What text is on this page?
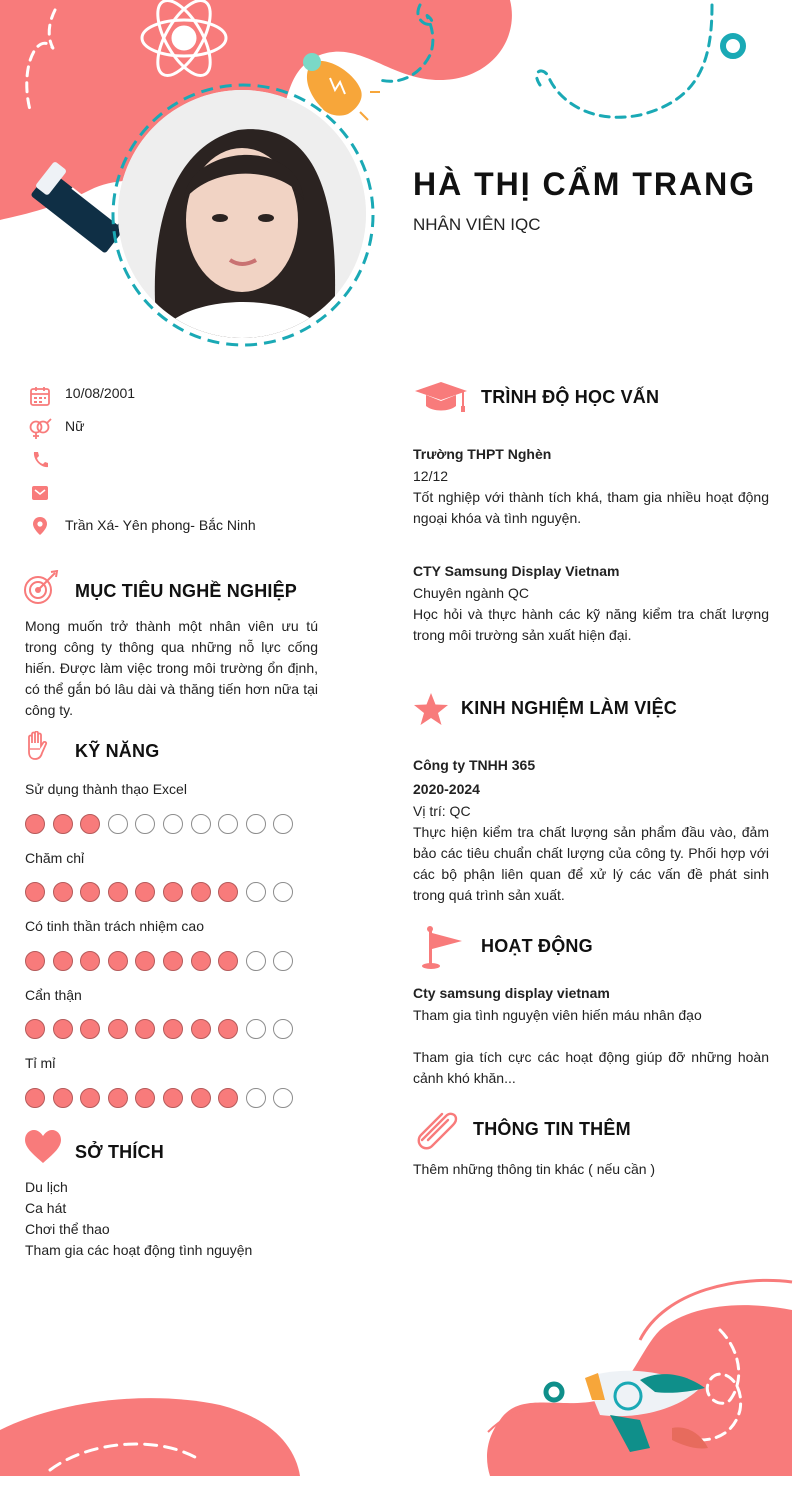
HÀ THỊ CẨM TRANG
NHÂN VIÊN IQC
10/08/2001
Nữ
Trần Xá- Yên phong- Bắc Ninh
MỤC TIÊU NGHỀ NGHIỆP
Mong muốn trở thành một nhân viên ưu tú trong công ty thông qua những nỗ lực cống hiến. Được làm việc trong môi trường ổn định, có thể gắn bó lâu dài và thăng tiến hơn nữa tại công ty.
KỸ NĂNG
Sử dụng thành thạo Excel
Chăm chỉ
Có tinh thần trách nhiệm cao
Cẩn thận
Tỉ mỉ
SỞ THÍCH
Du lịch
Ca hát
Chơi thể thao
Tham gia các hoạt động tình nguyện
TRÌNH ĐỘ HỌC VẤN
Trường THPT Nghèn
12/12
Tốt nghiệp với thành tích khá, tham gia nhiều hoạt động ngoại khóa và tình nguyện.
CTY Samsung Display Vietnam
Chuyên ngành QC
Học hỏi và thực hành các kỹ năng kiểm tra chất lượng trong môi trường sản xuất hiện đại.
KINH NGHIỆM LÀM VIỆC
Công ty TNHH 365
2020-2024
Vị trí: QC
Thực hiện kiểm tra chất lượng sản phẩm đầu vào, đảm bảo các tiêu chuẩn chất lượng của công ty. Phối hợp với các bộ phận liên quan để xử lý các vấn đề phát sinh trong quá trình sản xuất.
HOẠT ĐỘNG
Cty samsung display vietnam
Tham gia tình nguyện viên hiến máu nhân đạo
Tham gia tích cực các hoạt động giúp đỡ những hoàn cảnh khó khăn...
THÔNG TIN THÊM
Thêm những thông tin khác ( nếu cần )
